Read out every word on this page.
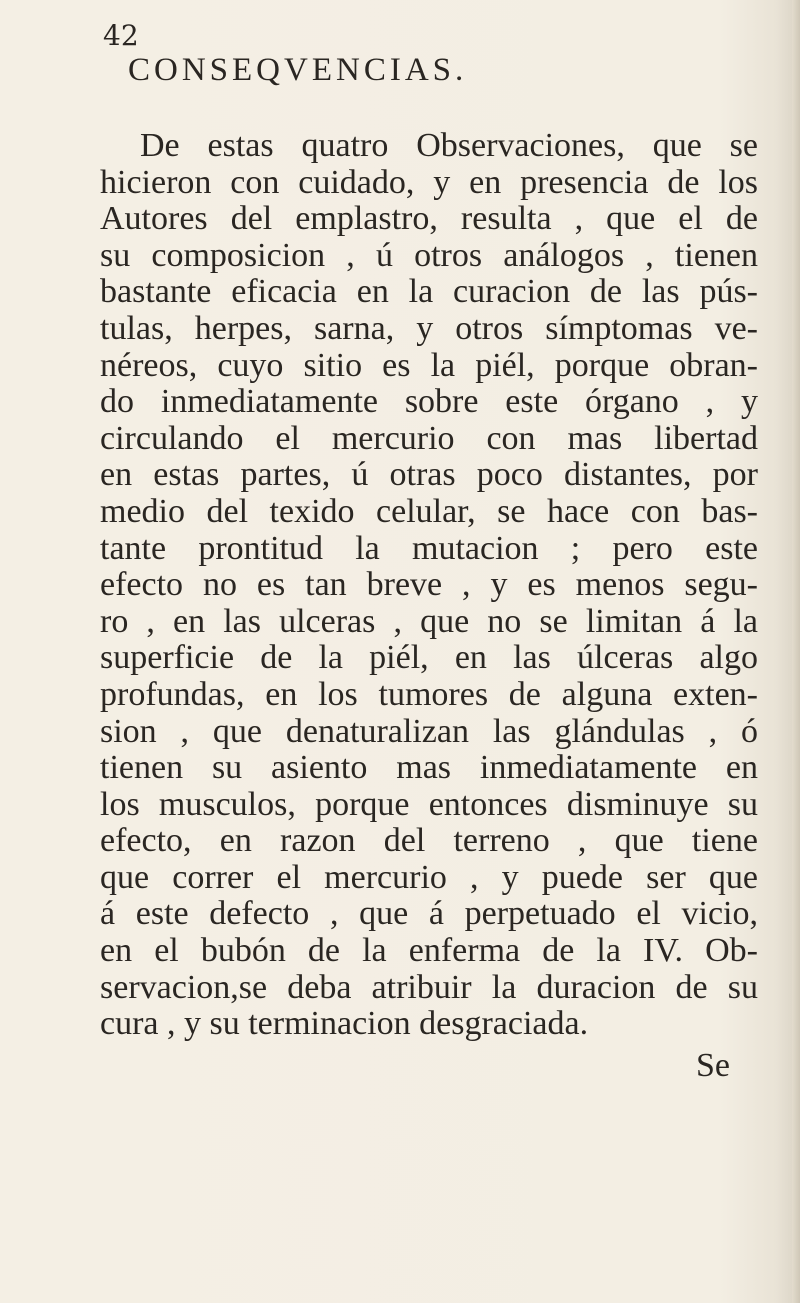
42
CONSEQVENCIAS.
De estas quatro Observaciones, que se
hicieron con cuidado, y en presencia de los
Autores del emplastro, resulta , que el de
su composicion , ú otros análogos , tienen
bastante eficacia en la curacion de las pús-
tulas, herpes, sarna, y otros símptomas ve-
néreos, cuyo sitio es la piél, porque obran-
do inmediatamente sobre este órgano , y
circulando el mercurio con mas libertad
en estas partes, ú otras poco distantes, por
medio del texido celular, se hace con bas-
tante prontitud la mutacion ; pero este
efecto no es tan breve , y es menos segu-
ro , en las ulceras , que no se limitan á la
superficie de la piél, en las úlceras algo
profundas, en los tumores de alguna exten-
sion , que denaturalizan las glándulas , ó
tienen su asiento mas inmediatamente en
los musculos, porque entonces disminuye su
efecto, en razon del terreno , que tiene
que correr el mercurio , y puede ser que
á este defecto , que á perpetuado el vicio,
en el bubón de la enferma de la IV. Ob-
servacion,se deba atribuir la duracion de su
cura , y su terminacion desgraciada.
Se
